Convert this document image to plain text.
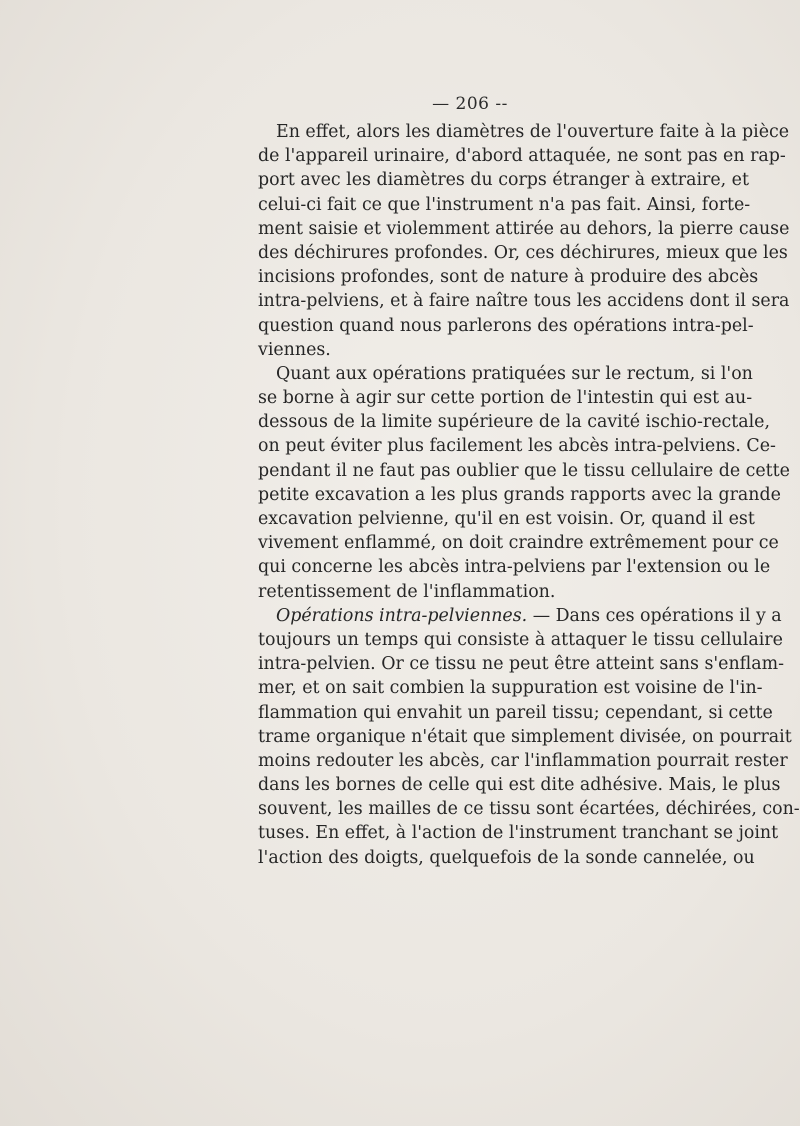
— 206 --
En effet, alors les diamètres de l'ouverture faite à la pièce
de l'appareil urinaire, d'abord attaquée, ne sont pas en rap-
port avec les diamètres du corps étranger à extraire, et
celui-ci fait ce que l'instrument n'a pas fait. Ainsi, forte-
ment saisie et violemment attirée au dehors, la pierre cause
des déchirures profondes. Or, ces déchirures, mieux que les
incisions profondes, sont de nature à produire des abcès
intra-pelviens, et à faire naître tous les accidens dont il sera
question quand nous parlerons des opérations intra-pel-
viennes.
Quant aux opérations pratiquées sur le rectum, si l'on
se borne à agir sur cette portion de l'intestin qui est au-
dessous de la limite supérieure de la cavité ischio-rectale,
on peut éviter plus facilement les abcès intra-pelviens. Ce-
pendant il ne faut pas oublier que le tissu cellulaire de cette
petite excavation a les plus grands rapports avec la grande
excavation pelvienne, qu'il en est voisin. Or, quand il est
vivement enflammé, on doit craindre extrêmement pour ce
qui concerne les abcès intra-pelviens par l'extension ou le
retentissement de l'inflammation.
Opérations intra-pelviennes. — Dans ces opérations il y a
toujours un temps qui consiste à attaquer le tissu cellulaire
intra-pelvien. Or ce tissu ne peut être atteint sans s'enflam-
mer, et on sait combien la suppuration est voisine de l'in-
flammation qui envahit un pareil tissu; cependant, si cette
trame organique n'était que simplement divisée, on pourrait
moins redouter les abcès, car l'inflammation pourrait rester
dans les bornes de celle qui est dite adhésive. Mais, le plus
souvent, les mailles de ce tissu sont écartées, déchirées, con-
tuses. En effet, à l'action de l'instrument tranchant se joint
l'action des doigts, quelquefois de la sonde cannelée, ou
